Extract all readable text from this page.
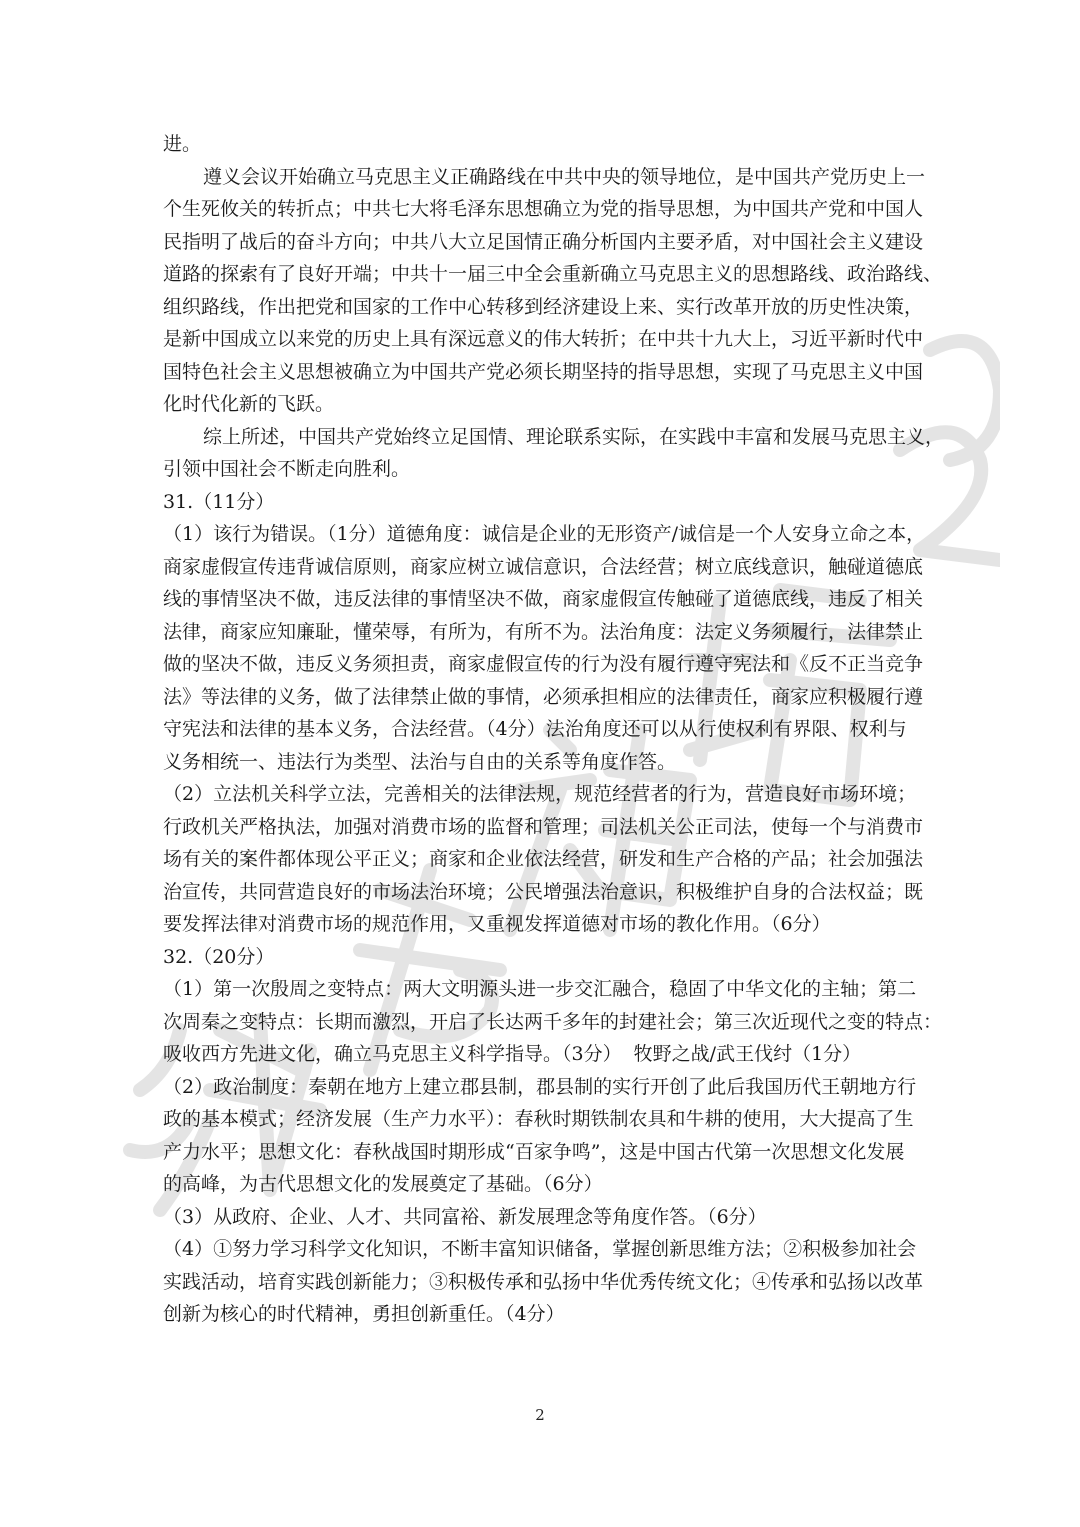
进。
遵义会议开始确立马克思主义正确路线在中共中央的领导地位，是中国共产党历史上一
个生死攸关的转折点；中共七大将毛泽东思想确立为党的指导思想，为中国共产党和中国人
民指明了战后的奋斗方向；中共八大立足国情正确分析国内主要矛盾，对中国社会主义建设
道路的探索有了良好开端；中共十一届三中全会重新确立马克思主义的思想路线、政治路线、
组织路线，作出把党和国家的工作中心转移到经济建设上来、实行改革开放的历史性决策，
是新中国成立以来党的历史上具有深远意义的伟大转折；在中共十九大上，习近平新时代中
国特色社会主义思想被确立为中国共产党必须长期坚持的指导思想，实现了马克思主义中国
化时代化新的飞跃。
综上所述，中国共产党始终立足国情、理论联系实际，在实践中丰富和发展马克思主义，
引领中国社会不断走向胜利。
31.（11分）
（1）该行为错误。（1分）道德角度：诚信是企业的无形资产/诚信是一个人安身立命之本，
商家虚假宣传违背诚信原则，商家应树立诚信意识，合法经营；树立底线意识，触碰道德底
线的事情坚决不做，违反法律的事情坚决不做，商家虚假宣传触碰了道德底线，违反了相关
法律，商家应知廉耻，懂荣辱，有所为，有所不为。法治角度：法定义务须履行，法律禁止
做的坚决不做，违反义务须担责，商家虚假宣传的行为没有履行遵守宪法和《反不正当竞争
法》等法律的义务，做了法律禁止做的事情，必须承担相应的法律责任，商家应积极履行遵
守宪法和法律的基本义务，合法经营。（4分）法治角度还可以从行使权利有界限、权利与
义务相统一、违法行为类型、法治与自由的关系等角度作答。
（2）立法机关科学立法，完善相关的法律法规，规范经营者的行为，营造良好市场环境；
行政机关严格执法，加强对消费市场的监督和管理；司法机关公正司法，使每一个与消费市
场有关的案件都体现公平正义；商家和企业依法经营，研发和生产合格的产品；社会加强法
治宣传，共同营造良好的市场法治环境；公民增强法治意识，积极维护自身的合法权益；既
要发挥法律对消费市场的规范作用，又重视发挥道德对市场的教化作用。（6分）
32.（20分）
（1）第一次殷周之变特点：两大文明源头进一步交汇融合，稳固了中华文化的主轴；第二
次周秦之变特点：长期而激烈，开启了长达两千多年的封建社会；第三次近现代之变的特点：
吸收西方先进文化，确立马克思主义科学指导。（3分）  牧野之战/武王伐纣（1分）
（2）政治制度：秦朝在地方上建立郡县制，郡县制的实行开创了此后我国历代王朝地方行
政的基本模式；经济发展（生产力水平）：春秋时期铁制农具和牛耕的使用，大大提高了生
产力水平；思想文化：春秋战国时期形成“百家争鸣”，这是中国古代第一次思想文化发展
的高峰，为古代思想文化的发展奠定了基础。（6分）
（3）从政府、企业、人才、共同富裕、新发展理念等角度作答。（6分）
（4）①努力学习科学文化知识，不断丰富知识储备，掌握创新思维方法；②积极参加社会
实践活动，培育实践创新能力；③积极传承和弘扬中华优秀传统文化；④传承和弘扬以改革
创新为核心的时代精神，勇担创新重任。（4分）
2
